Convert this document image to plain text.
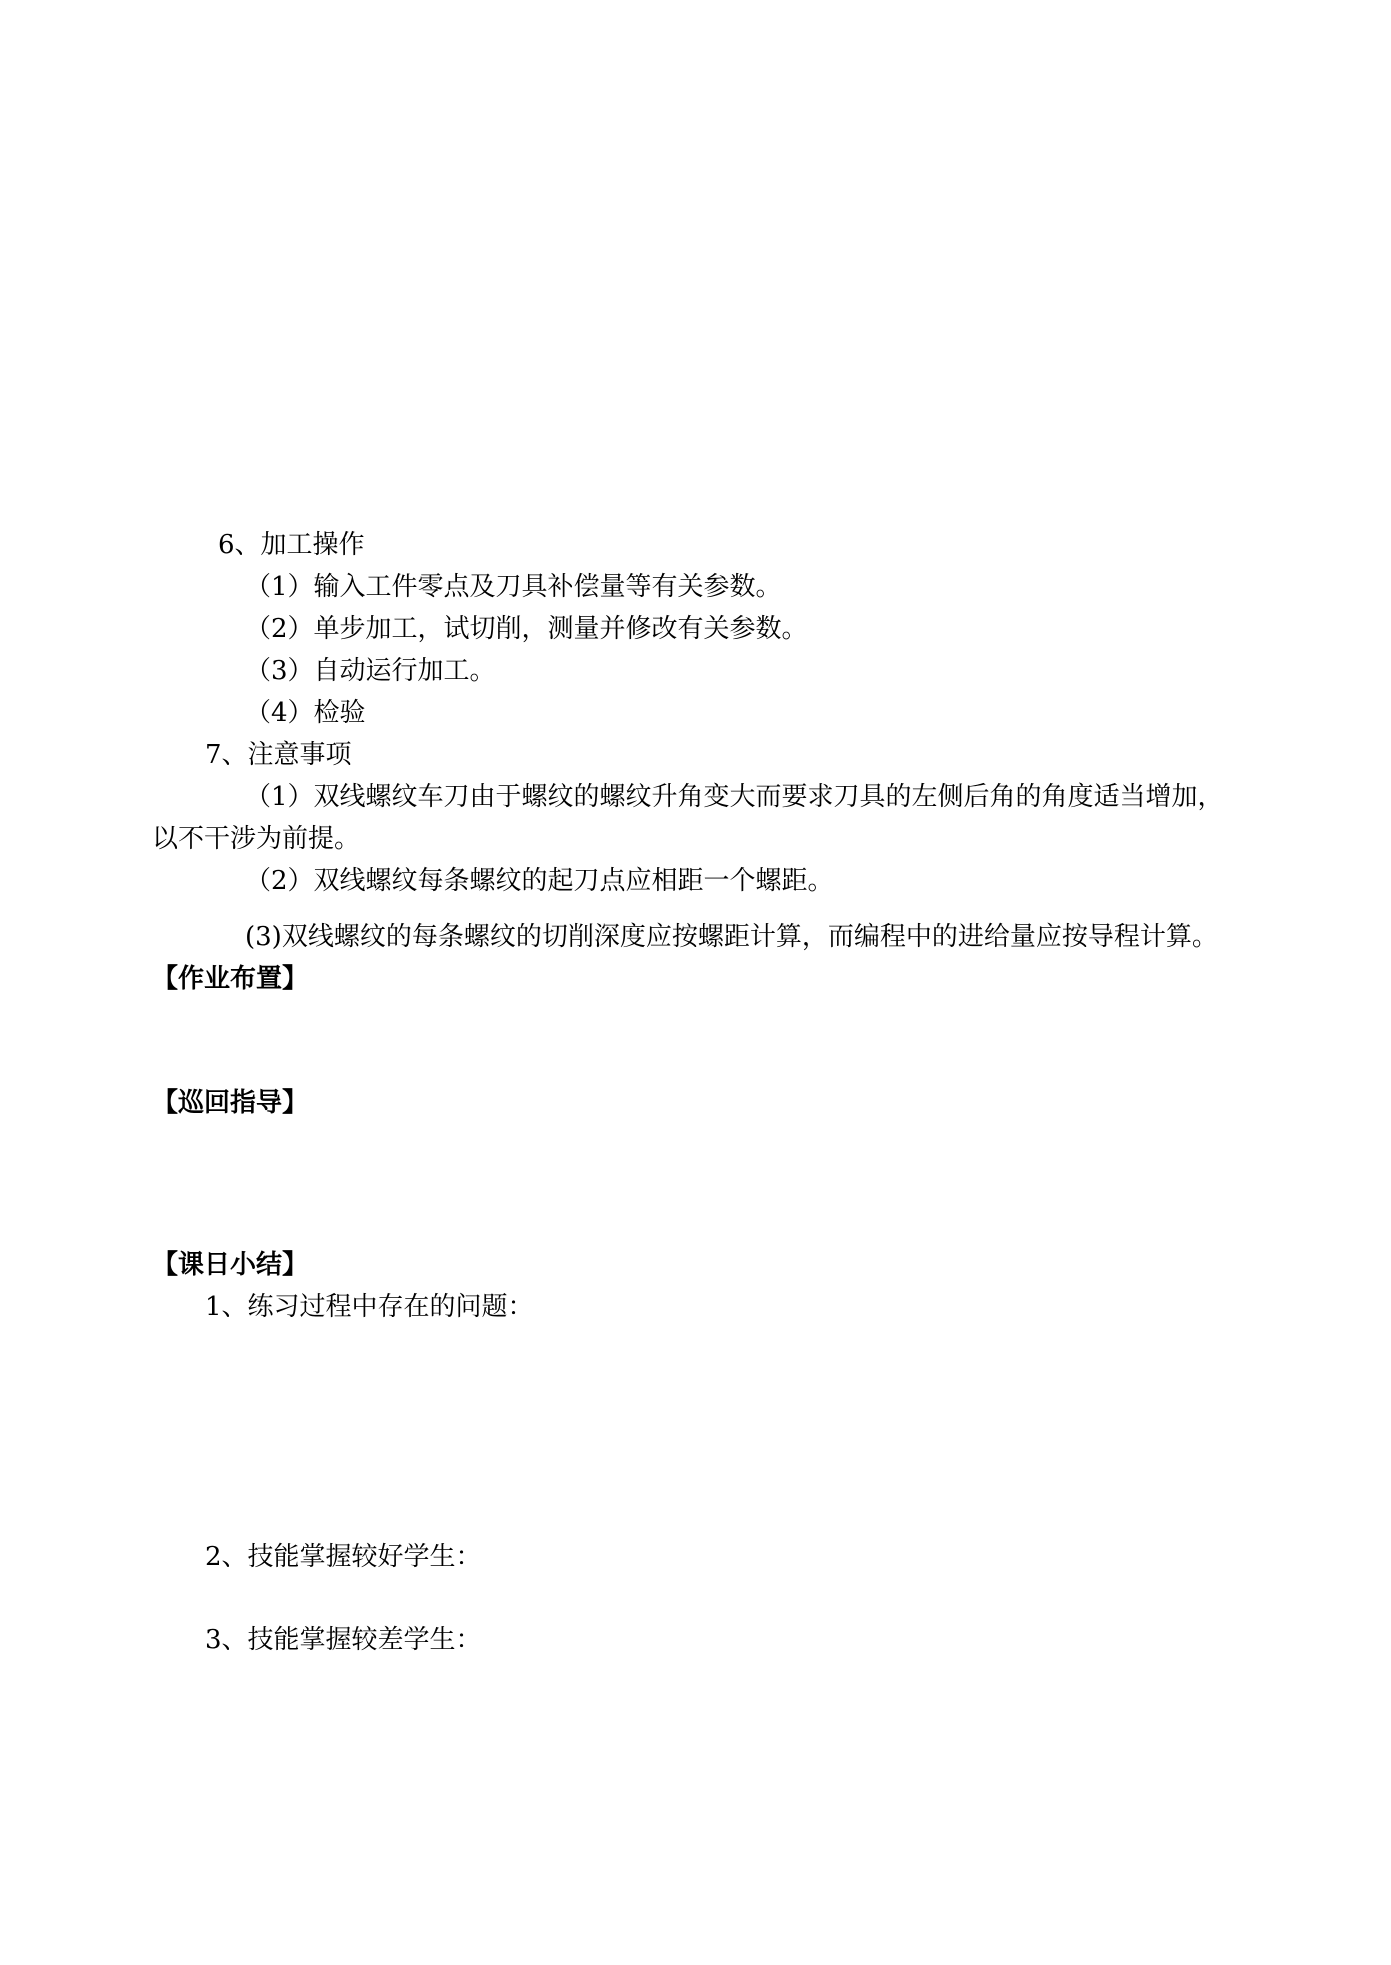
6、加工操作
（1）输入工件零点及刀具补偿量等有关参数。
（2）单步加工，试切削，测量并修改有关参数。
（3）自动运行加工。
（4）检验
7、注意事项
（1）双线螺纹车刀由于螺纹的螺纹升角变大而要求刀具的左侧后角的角度适当增加，
以不干涉为前提。
（2）双线螺纹每条螺纹的起刀点应相距一个螺距。
(3)双线螺纹的每条螺纹的切削深度应按螺距计算，而编程中的进给量应按导程计算。
【作业布置】
【巡回指导】
【课日小结】
1、练习过程中存在的问题：
2、技能掌握较好学生：
3、技能掌握较差学生：
